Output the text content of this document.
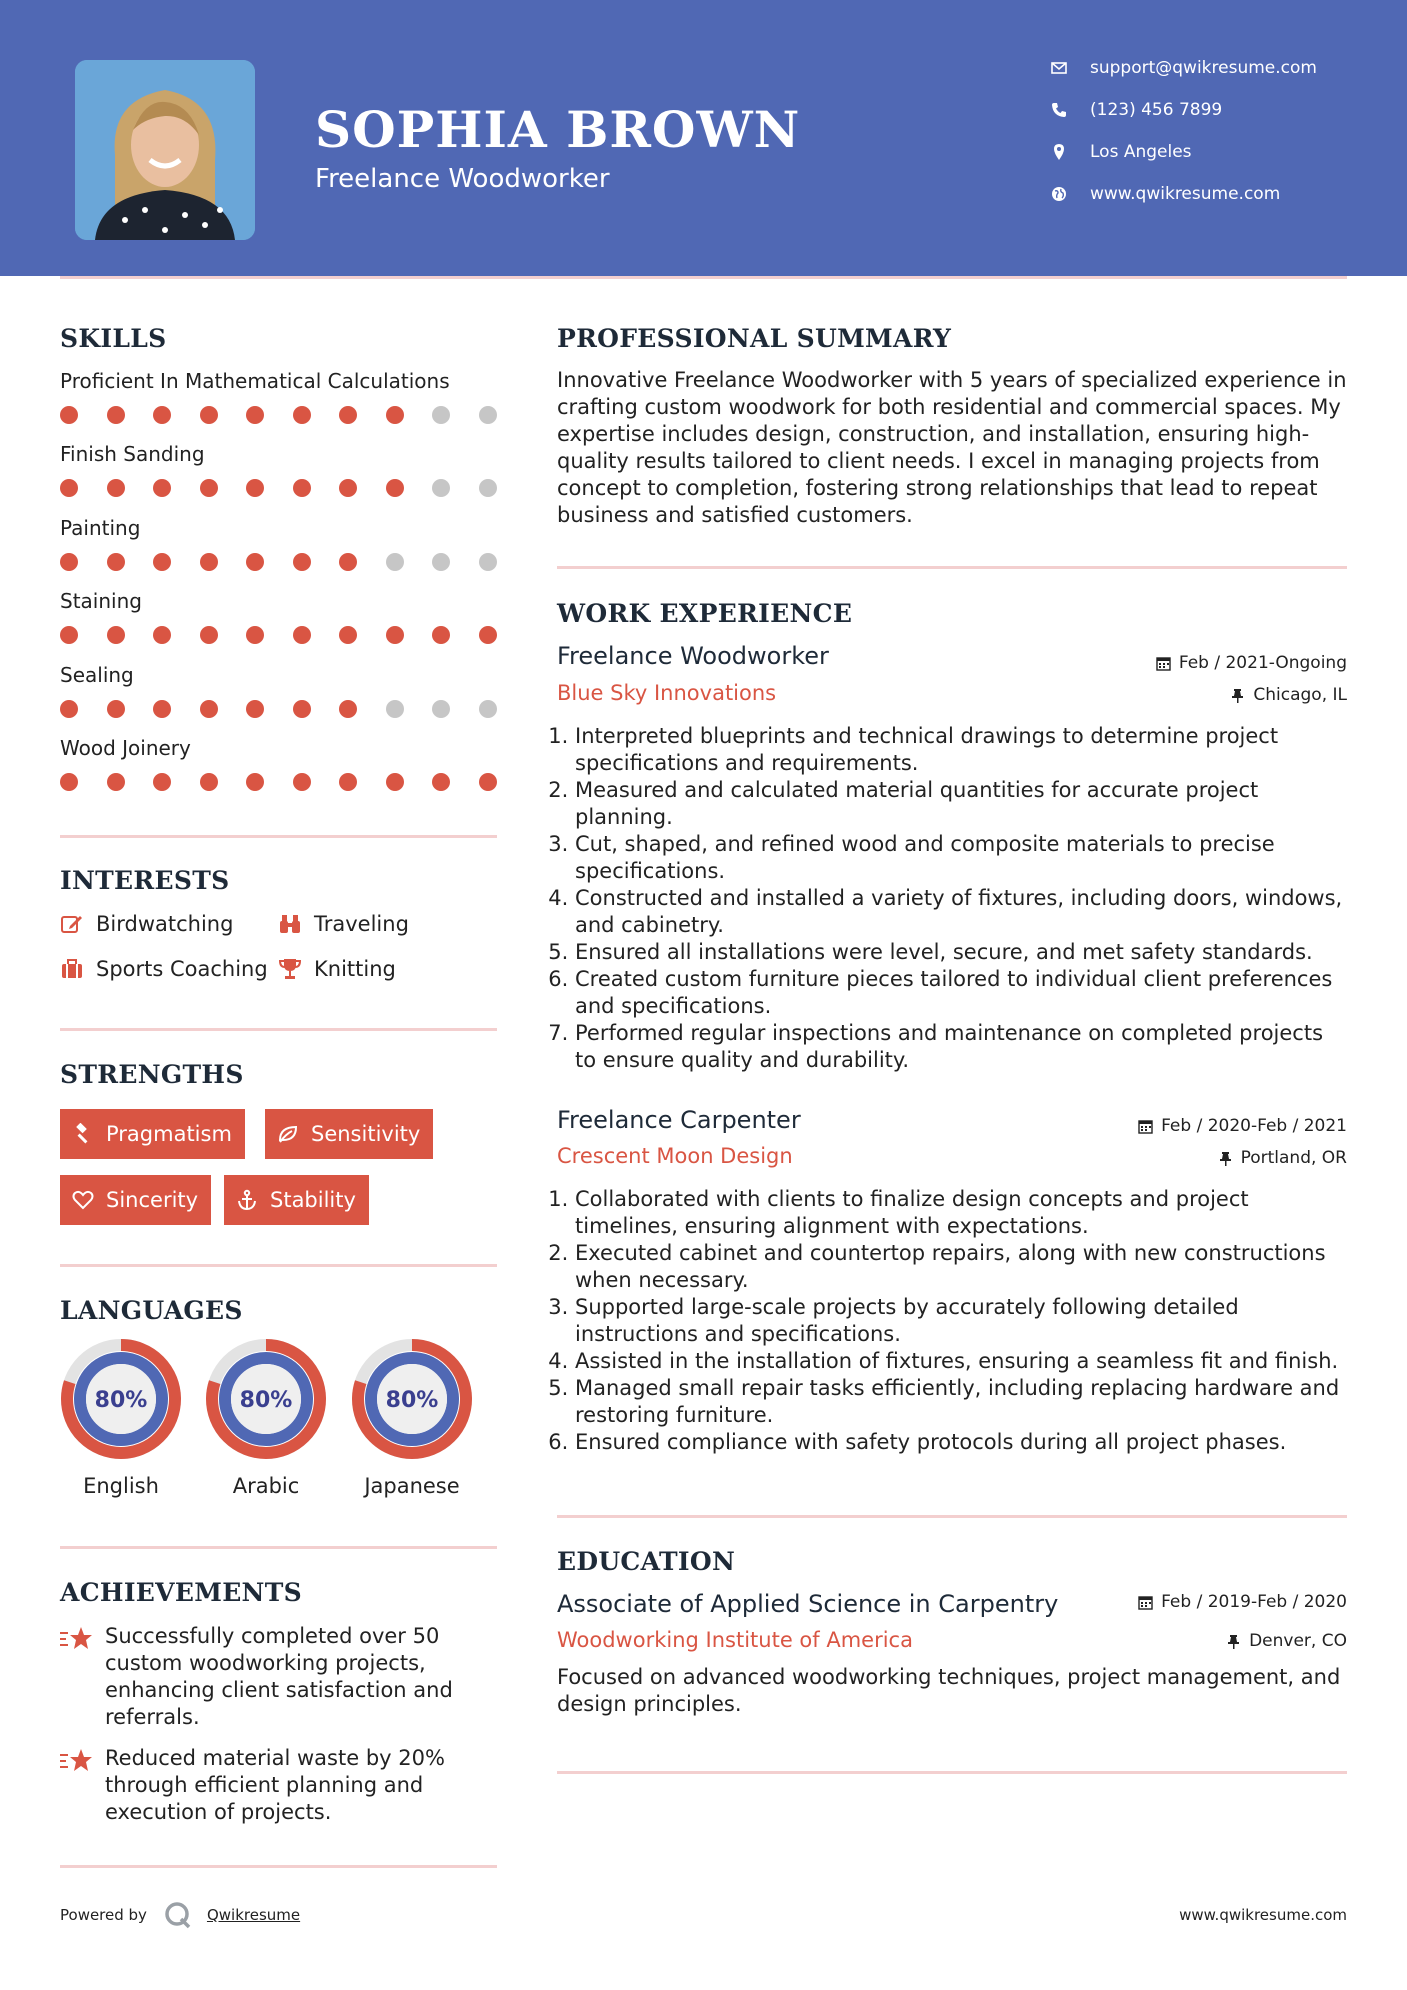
SOPHIA BROWN
Freelance Woodworker
support@qwikresume.com
(123) 456 7899
Los Angeles
www.qwikresume.com
SKILLS
Proficient In Mathematical Calculations
Finish Sanding
Painting
Staining
Sealing
Wood Joinery
INTERESTS
Birdwatching	Traveling
Sports Coaching Knitting
STRENGTHS
Pragmatism	Sensitivity
Sincerity	Stability
LANGUAGES
80%
English
80%
Arabic
80%
Japanese
ACHIEVEMENTS

Successfully completed over 50 custom woodworking projects, enhancing client satisfaction and referrals.

Reduced material waste by 20% through efficient planning and execution of projects.

PROFESSIONAL SUMMARY

Innovative Freelance Woodworker with 5 years of specialized experience in crafting custom woodwork for both residential and commercial spaces. My expertise includes design, construction, and installation, ensuring high-quality results tailored to client needs. I excel in managing projects from concept to completion, fostering strong relationships that lead to repeat business and satisfied customers.

WORK EXPERIENCE
Freelance Woodworker	Feb / 2021-Ongoing
Blue Sky Innovations	Chicago, IL
1. Interpreted blueprints and technical drawings to determine project specifications and requirements.
2. Measured and calculated material quantities for accurate project planning.
3. Cut, shaped, and refined wood and composite materials to precise specifications.
4. Constructed and installed a variety of fixtures, including doors, windows, and cabinetry.
5. Ensured all installations were level, secure, and met safety standards.
6. Created custom furniture pieces tailored to individual client preferences and specifications.
7. Performed regular inspections and maintenance on completed projects to ensure quality and durability.
Freelance Carpenter	Feb / 2020-Feb / 2021
Crescent Moon Design	Portland, OR
1. Collaborated with clients to finalize design concepts and project timelines, ensuring alignment with expectations.
2. Executed cabinet and countertop repairs, along with new constructions when necessary.
3. Supported large-scale projects by accurately following detailed instructions and specifications.
4. Assisted in the installation of fixtures, ensuring a seamless fit and finish.
5. Managed small repair tasks efficiently, including replacing hardware and restoring furniture.
6. Ensured compliance with safety protocols during all project phases.
EDUCATION
Associate of Applied Science in Carpentry	Feb / 2019-Feb / 2020
Woodworking Institute of America	Denver, CO

Focused on advanced woodworking techniques, project management, and design principles.

Powered by	Qwikresume	www.qwikresume.com
